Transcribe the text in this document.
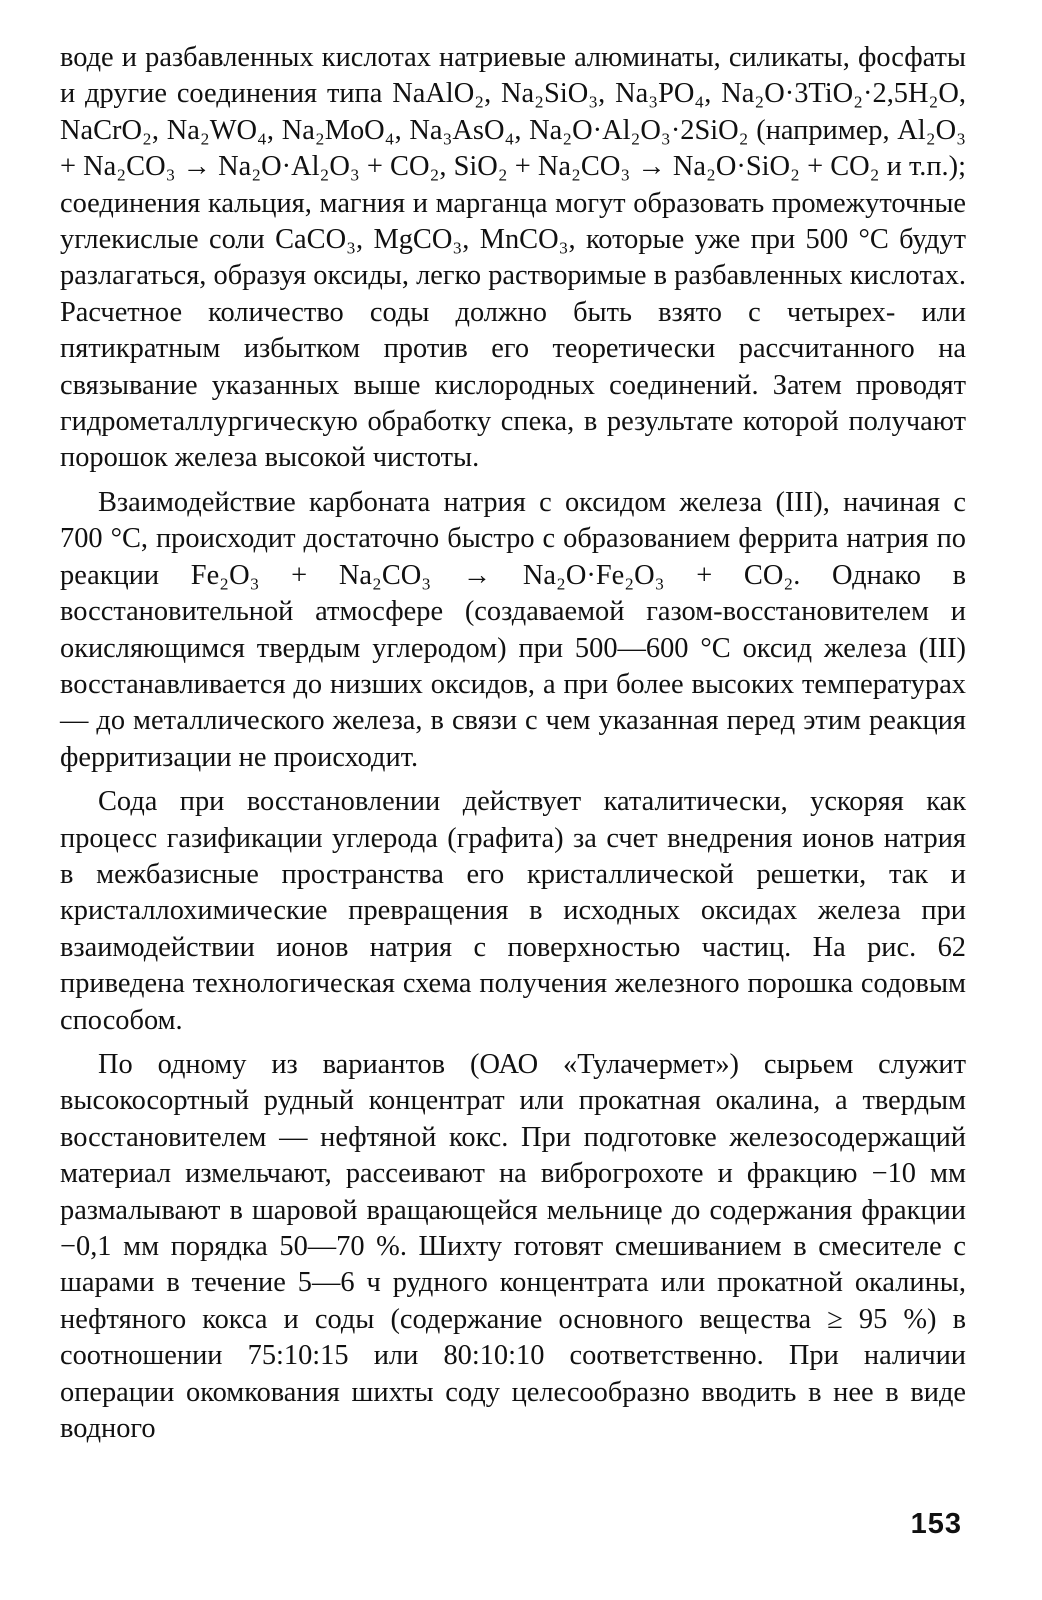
воде и разбавленных кислотах натриевые алюминаты, силикаты, фосфаты и другие соединения типа NaAlO₂, Na₂SiO₃, Na₃PO₄, Na₂O·3TiO₂·2,5H₂O, NaCrO₂, Na₂WO₄, Na₂MoO₄, Na₃AsO₄, Na₂O·Al₂O₃·2SiO₂ (например, Al₂O₃ + Na₂CO₃ → Na₂O·Al₂O₃ + CO₂, SiO₂ + Na₂CO₃ → Na₂O·SiO₂ + CO₂ и т.п.); соединения кальция, магния и марганца могут образовать промежуточные углекислые соли CaCO₃, MgCO₃, MnCO₃, которые уже при 500 °С будут разлагаться, образуя оксиды, легко растворимые в разбавленных кислотах. Расчетное количество соды должно быть взято с четырех- или пятикратным избытком против его теоретически рассчитанного на связывание указанных выше кислородных соединений. Затем проводят гидрометаллургическую обработку спека, в результате которой получают порошок железа высокой чистоты.

Взаимодействие карбоната натрия с оксидом железа (III), начиная с 700 °С, происходит достаточно быстро с образованием феррита натрия по реакции Fe₂O₃ + Na₂CO₃ → Na₂O·Fe₂O₃ + CO₂. Однако в восстановительной атмосфере (создаваемой газом-восстановителем и окисляющимся твердым углеродом) при 500—600 °С оксид железа (III) восстанавливается до низших оксидов, а при более высоких температурах — до металлического железа, в связи с чем указанная перед этим реакция ферритизации не происходит.

Сода при восстановлении действует каталитически, ускоряя как процесс газификации углерода (графита) за счет внедрения ионов натрия в межбазисные пространства его кристаллической решетки, так и кристаллохимические превращения в исходных оксидах железа при взаимодействии ионов натрия с поверхностью частиц. На рис. 62 приведена технологическая схема получения железного порошка содовым способом.

По одному из вариантов (ОАО «Тулачермет») сырьем служит высокосортный рудный концентрат или прокатная окалина, а твердым восстановителем — нефтяной кокс. При подготовке железосодержащий материал измельчают, рассеивают на виброгрохоте и фракцию −10 мм размалывают в шаровой вращающейся мельнице до содержания фракции −0,1 мм порядка 50—70 %. Шихту готовят смешиванием в смесителе с шарами в течение 5—6 ч рудного концентрата или прокатной окалины, нефтяного кокса и соды (содержание основного вещества ≥ 95 %) в соотношении 75:10:15 или 80:10:10 соответственно. При наличии операции окомкования шихты соду целесообразно вводить в нее в виде водного

153
